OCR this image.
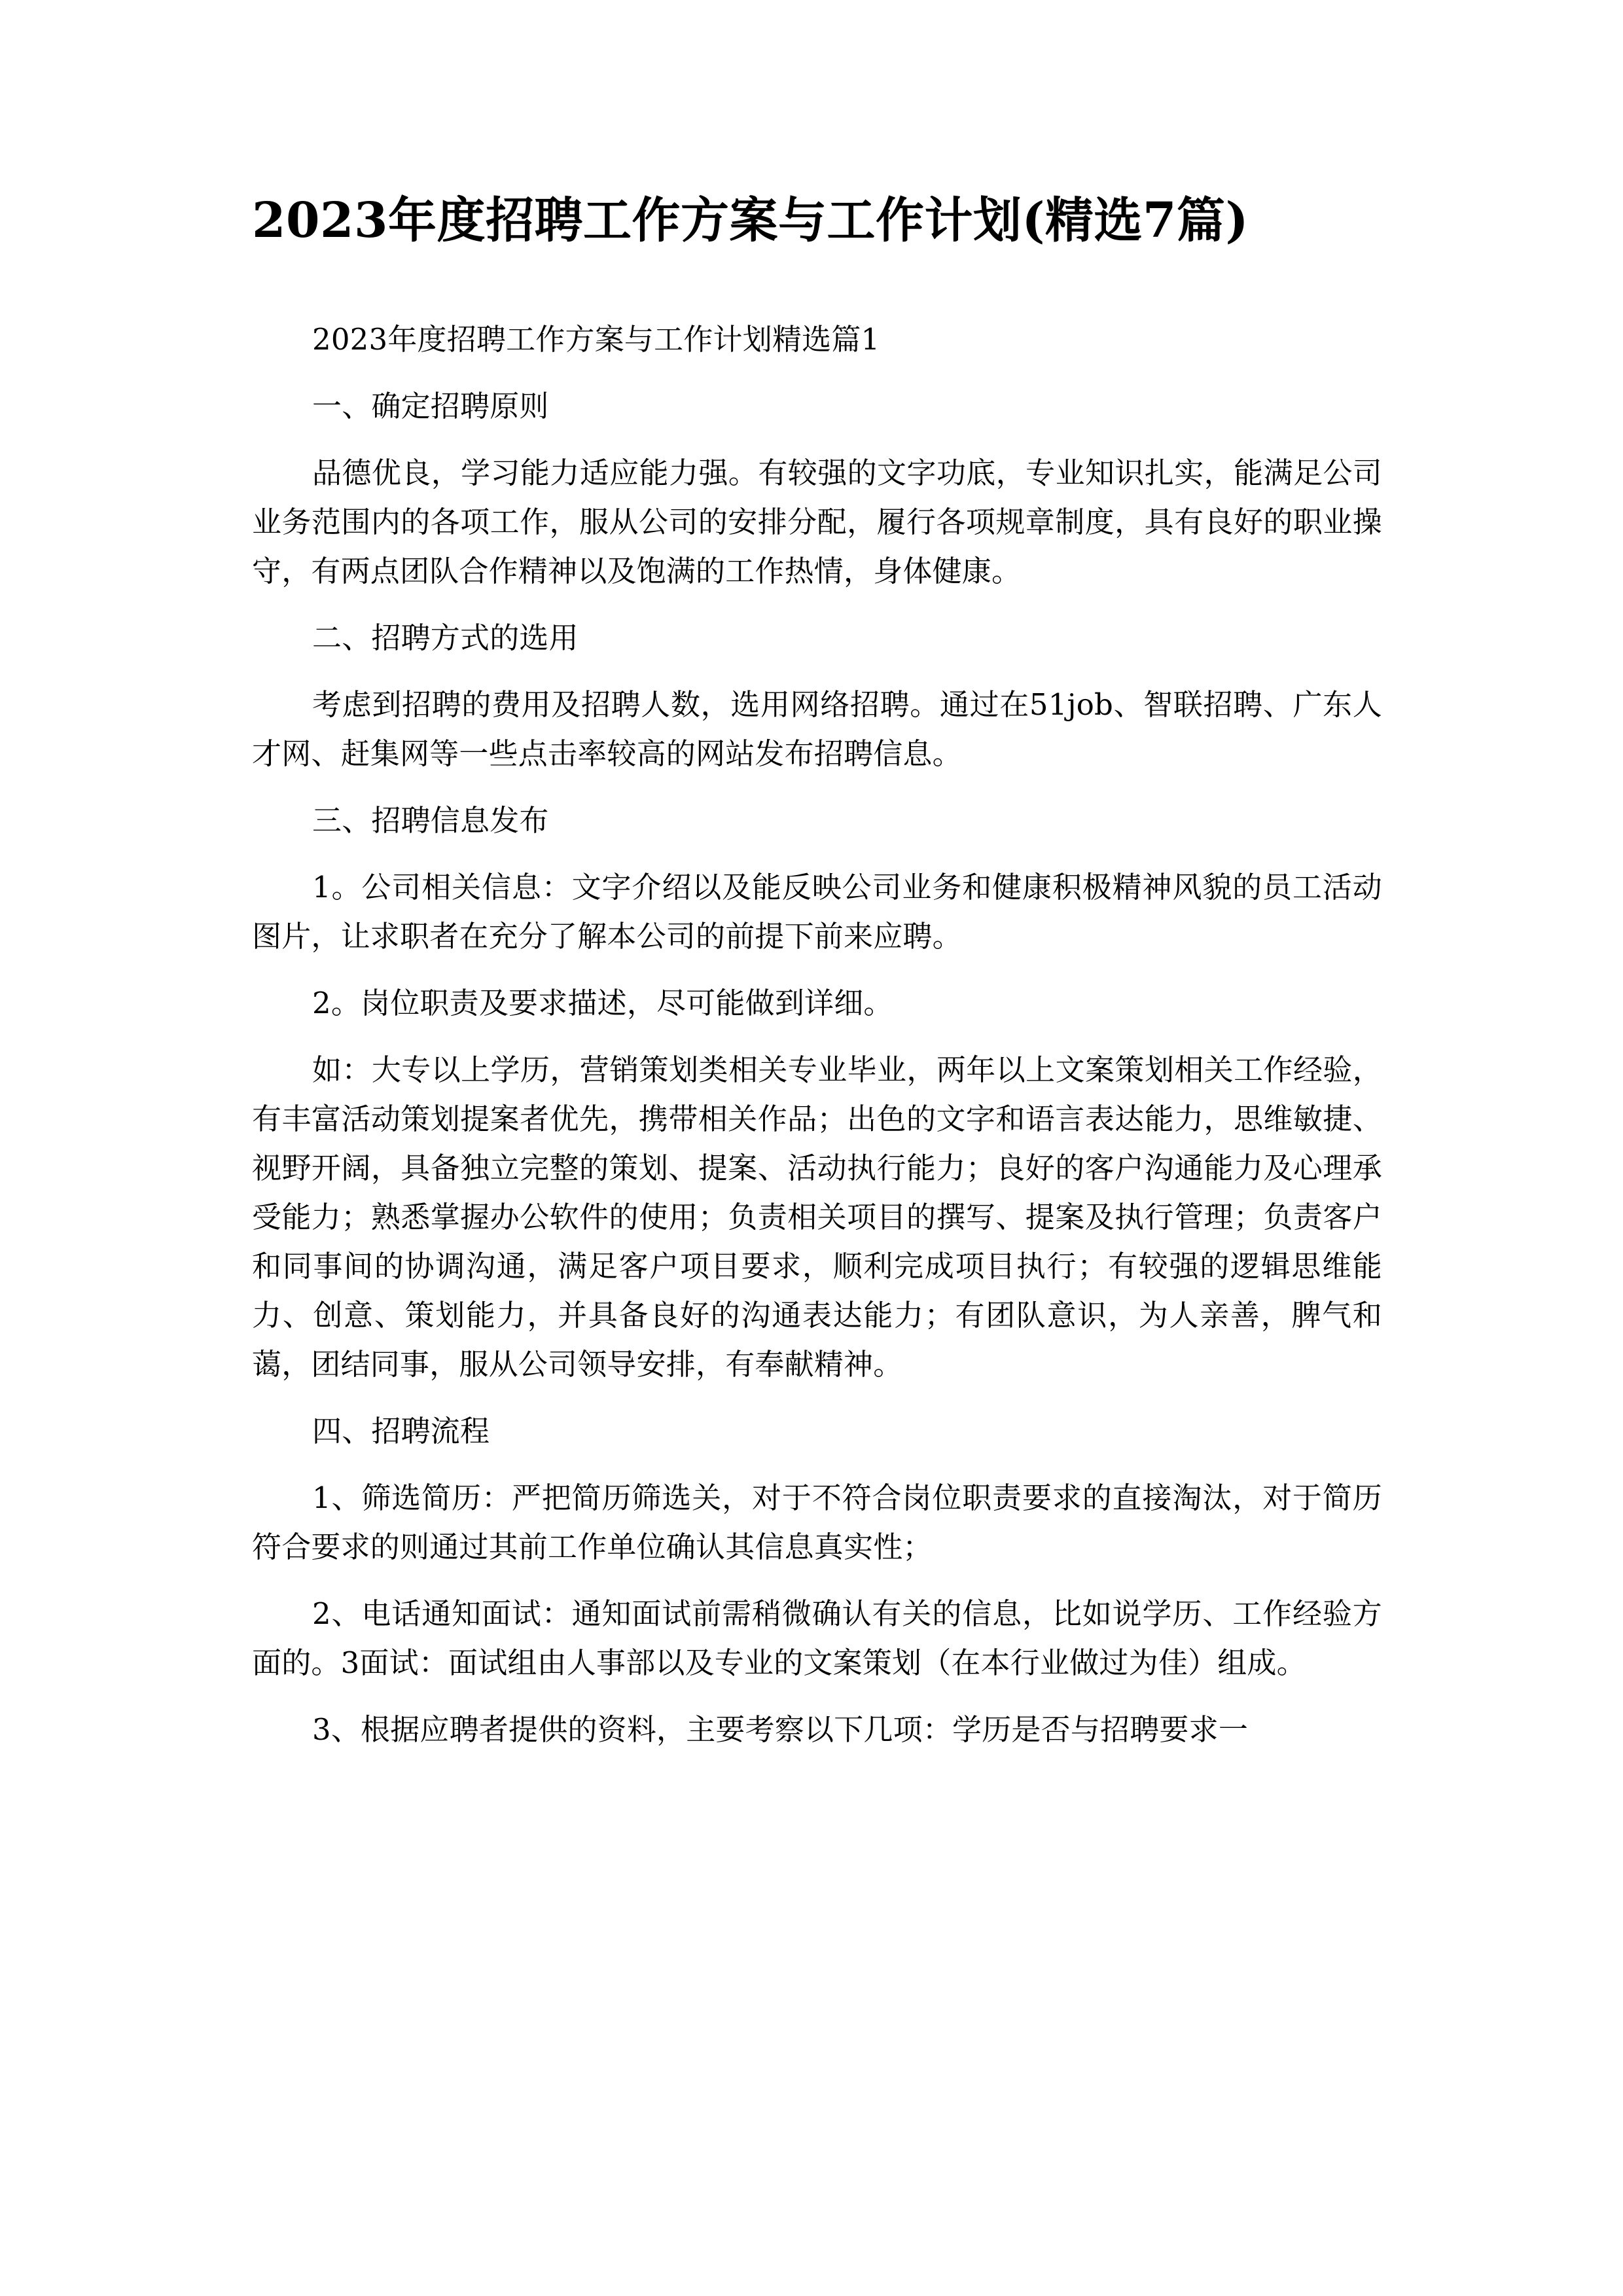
2023年度招聘工作方案与工作计划(精选7篇)

2023年度招聘工作方案与工作计划精选篇1

一、确定招聘原则

品德优良，学习能力适应能力强。有较强的文字功底，专业知识扎实，能满足公司业务范围内的各项工作，服从公司的安排分配，履行各项规章制度，具有良好的职业操守，有两点团队合作精神以及饱满的工作热情，身体健康。

二、招聘方式的选用

考虑到招聘的费用及招聘人数，选用网络招聘。通过在51job、智联招聘、广东人才网、赶集网等一些点击率较高的网站发布招聘信息。

三、招聘信息发布

1。公司相关信息：文字介绍以及能反映公司业务和健康积极精神风貌的员工活动图片，让求职者在充分了解本公司的前提下前来应聘。

2。岗位职责及要求描述，尽可能做到详细。

如：大专以上学历，营销策划类相关专业毕业，两年以上文案策划相关工作经验，有丰富活动策划提案者优先，携带相关作品；出色的文字和语言表达能力，思维敏捷、视野开阔，具备独立完整的策划、提案、活动执行能力；良好的客户沟通能力及心理承受能力；熟悉掌握办公软件的使用；负责相关项目的撰写、提案及执行管理；负责客户和同事间的协调沟通，满足客户项目要求，顺利完成项目执行；有较强的逻辑思维能力、创意、策划能力，并具备良好的沟通表达能力；有团队意识，为人亲善，脾气和蔼，团结同事，服从公司领导安排，有奉献精神。

四、招聘流程

1、筛选简历：严把简历筛选关，对于不符合岗位职责要求的直接淘汰，对于简历符合要求的则通过其前工作单位确认其信息真实性；

2、电话通知面试：通知面试前需稍微确认有关的信息，比如说学历、工作经验方面的。3面试：面试组由人事部以及专业的文案策划（在本行业做过为佳）组成。

3、根据应聘者提供的资料，主要考察以下几项：学历是否与招聘要求一
